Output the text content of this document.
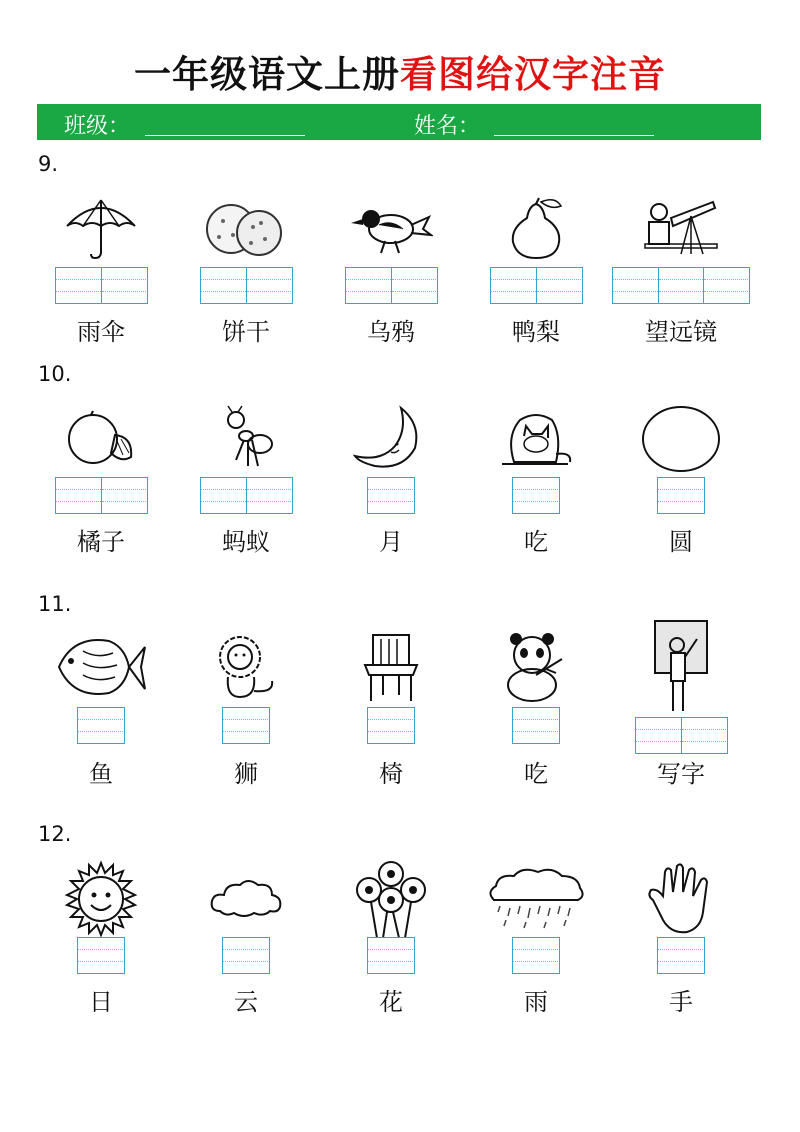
一年级语文上册看图给汉字注音
班级：	姓名：
9.
雨伞	饼干	乌鸦	鸭梨	望远镜
10.
橘子	蚂蚁	月	吃	圆
11.
鱼	狮	椅	吃	写字
12.
日	云	花	雨	手
